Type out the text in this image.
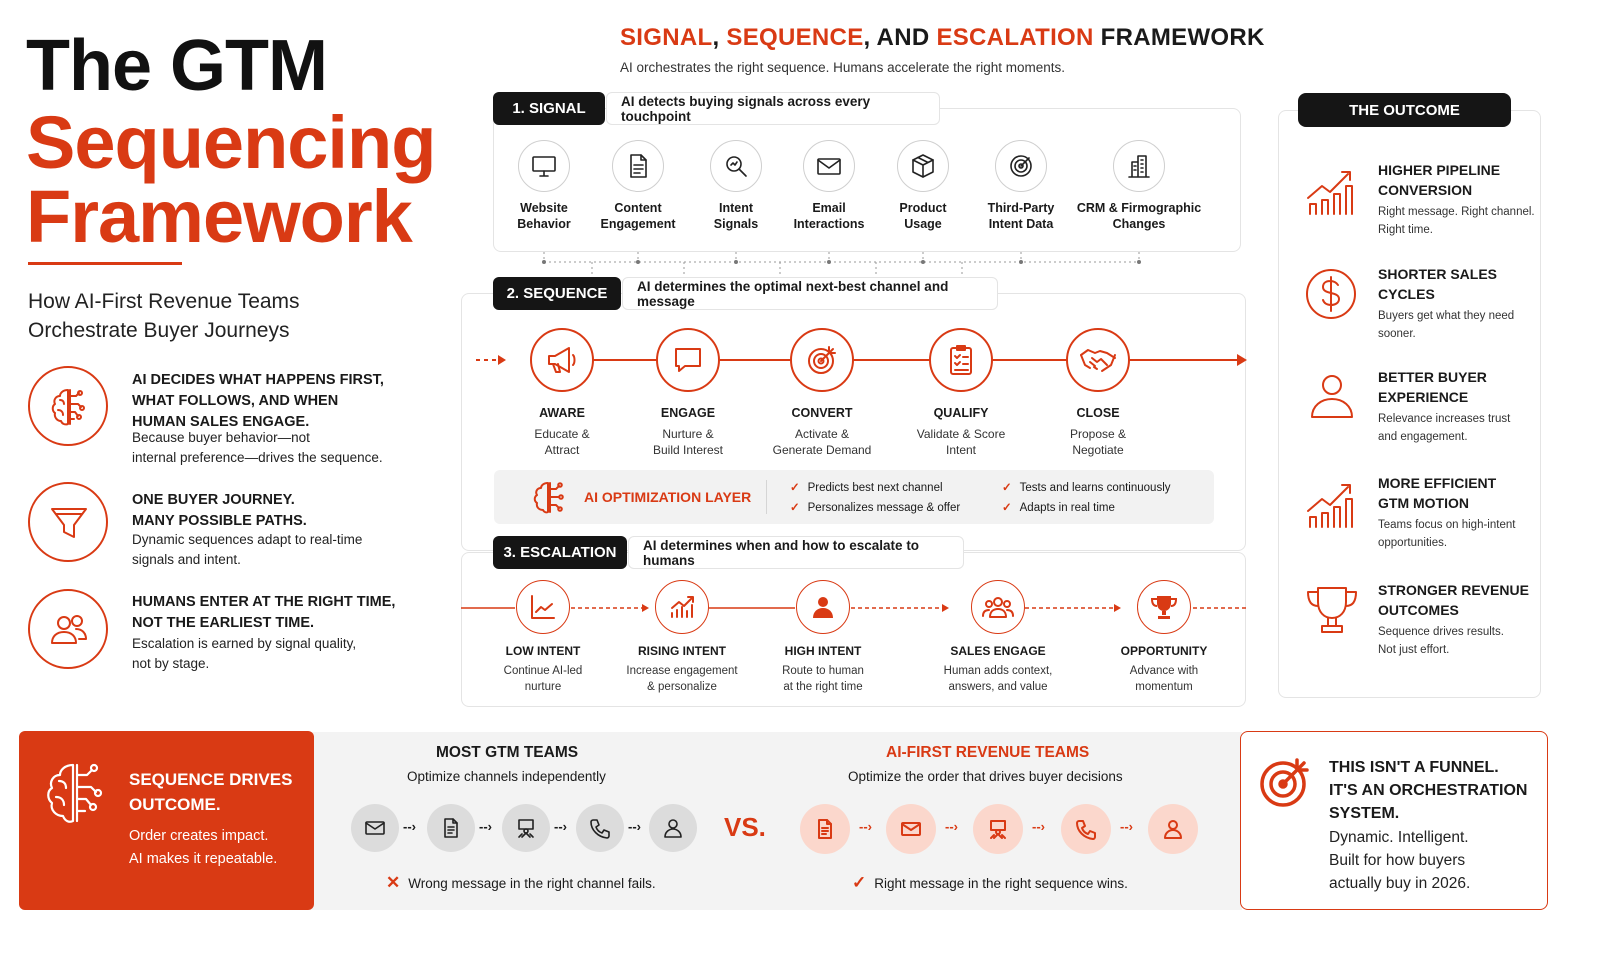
The GTM
Sequencing
Framework
How AI-First Revenue Teams
Orchestrate Buyer Journeys
AI DECIDES WHAT HAPPENS FIRST,
WHAT FOLLOWS, AND WHEN
HUMAN SALES ENGAGE.
Because buyer behavior—not
internal preference—drives the sequence.
ONE BUYER JOURNEY.
MANY POSSIBLE PATHS.
Dynamic sequences adapt to real-time
signals and intent.
HUMANS ENTER AT THE RIGHT TIME,
NOT THE EARLIEST TIME.
Escalation is earned by signal quality,
not by stage.
SIGNAL, SEQUENCE, AND ESCALATION FRAMEWORK
AI orchestrates the right sequence. Humans accelerate the right moments.
1. SIGNAL	AI detects buying signals across every touchpoint
Website
Behavior
Content
Engagement
Intent
Signals
Email
Interactions
Product
Usage
Third-Party
Intent Data
CRM & Firmographic
Changes
2. SEQUENCE	AI determines the optimal next-best channel and message
AWARE
Educate &
Attract
ENGAGE
Nurture &
Build Interest
CONVERT
Activate &
Generate Demand
QUALIFY
Validate & Score
Intent
CLOSE
Propose &
Negotiate
AI OPTIMIZATION LAYER
✓ Predicts best next channel
✓ Personalizes message & offer
✓ Tests and learns continuously
✓ Adapts in real time
3. ESCALATION	AI determines when and how to escalate to humans
LOW INTENT
Continue AI-led
nurture
RISING INTENT
Increase engagement
& personalize
HIGH INTENT
Route to human
at the right time
SALES ENGAGE
Human adds context,
answers, and value
OPPORTUNITY
Advance with
momentum
THE OUTCOME
HIGHER PIPELINE
CONVERSION
Right message. Right channel.
Right time.
SHORTER SALES
CYCLES
Buyers get what they need
sooner.
BETTER BUYER
EXPERIENCE
Relevance increases trust
and engagement.
MORE EFFICIENT
GTM MOTION
Teams focus on high-intent
opportunities.
STRONGER REVENUE
OUTCOMES
Sequence drives results.
Not just effort.
SEQUENCE DRIVES
OUTCOME.
Order creates impact.
AI makes it repeatable.
MOST GTM TEAMS
Optimize channels independently
--›	--›	--›	--›
✕ Wrong message in the right channel fails.
VS.
AI-FIRST REVENUE TEAMS
Optimize the order that drives buyer decisions
--›	--›	--›	--›
✓ Right message in the right sequence wins.
THIS ISN'T A FUNNEL.
IT'S AN ORCHESTRATION
SYSTEM.
Dynamic. Intelligent.
Built for how buyers
actually buy in 2026.
